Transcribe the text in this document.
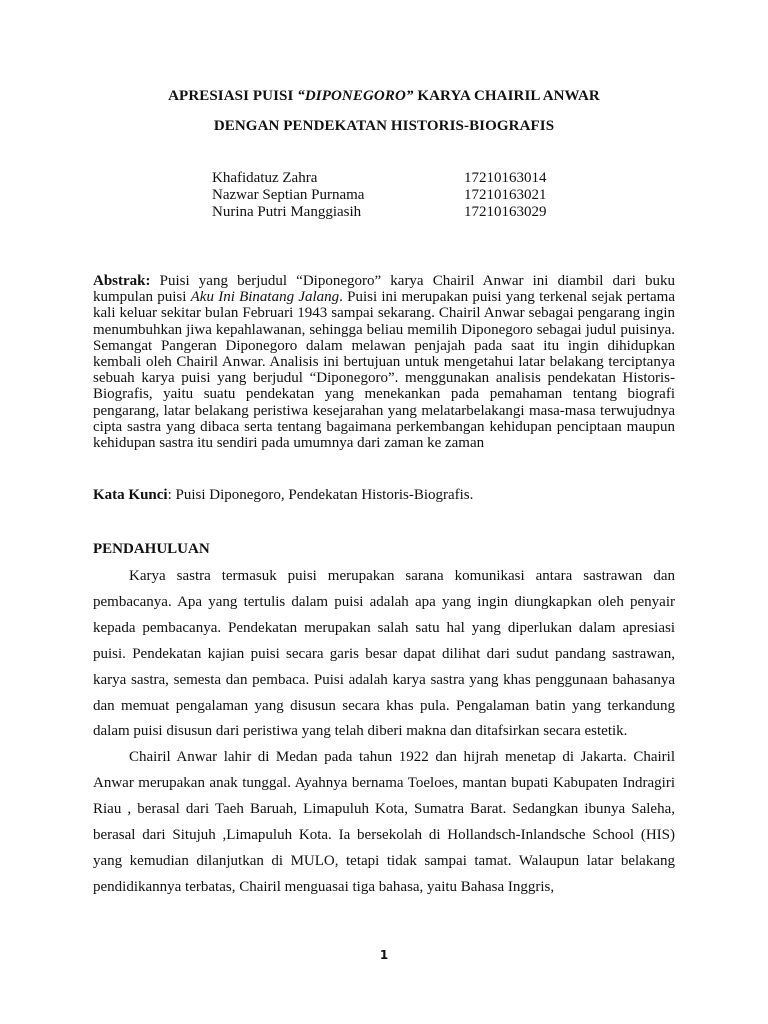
APRESIASI PUISI “DIPONEGORO” KARYA CHAIRIL ANWAR
DENGAN PENDEKATAN HISTORIS-BIOGRAFIS
Khafidatuz Zahra	17210163014
Nazwar Septian Purnama	17210163021
Nurina Putri Manggiasih	17210163029
Abstrak: Puisi yang berjudul “Diponegoro” karya Chairil Anwar ini diambil dari buku kumpulan puisi Aku Ini Binatang Jalang. Puisi ini merupakan puisi yang terkenal sejak pertama kali keluar sekitar bulan Februari 1943 sampai sekarang. Chairil Anwar sebagai pengarang ingin menumbuhkan jiwa kepahlawanan, sehingga beliau memilih Diponegoro sebagai judul puisinya. Semangat Pangeran Diponegoro dalam melawan penjajah pada saat itu ingin dihidupkan kembali oleh Chairil Anwar. Analisis ini bertujuan untuk mengetahui latar belakang terciptanya sebuah karya puisi yang berjudul “Diponegoro”. menggunakan analisis pendekatan Historis-Biografis, yaitu suatu pendekatan yang menekankan pada pemahaman tentang biografi pengarang, latar belakang peristiwa kesejarahan yang melatarbelakangi masa-masa terwujudnya cipta sastra yang dibaca serta tentang bagaimana perkembangan kehidupan penciptaan maupun kehidupan sastra itu sendiri pada umumnya dari zaman ke zaman
Kata Kunci: Puisi Diponegoro, Pendekatan Historis-Biografis.
PENDAHULUAN

Karya sastra termasuk puisi merupakan sarana komunikasi antara sastrawan dan pembacanya. Apa yang tertulis dalam puisi adalah apa yang ingin diungkapkan oleh penyair kepada pembacanya. Pendekatan merupakan salah satu hal yang diperlukan dalam apresiasi puisi. Pendekatan kajian puisi secara garis besar dapat dilihat dari sudut pandang sastrawan, karya sastra, semesta dan pembaca. Puisi adalah karya sastra yang khas penggunaan bahasanya dan memuat pengalaman yang disusun secara khas pula. Pengalaman batin yang terkandung dalam puisi disusun dari peristiwa yang telah diberi makna dan ditafsirkan secara estetik.

Chairil Anwar lahir di Medan pada tahun 1922 dan hijrah menetap di Jakarta. Chairil Anwar merupakan anak tunggal. Ayahnya bernama Toeloes, mantan bupati Kabupaten Indragiri Riau , berasal dari Taeh Baruah, Limapuluh Kota, Sumatra Barat. Sedangkan ibunya Saleha, berasal dari Situjuh ,Limapuluh Kota. Ia bersekolah di Hollandsch-Inlandsche School (HIS) yang kemudian dilanjutkan di MULO, tetapi tidak sampai tamat. Walaupun latar belakang pendidikannya terbatas, Chairil menguasai tiga bahasa, yaitu Bahasa Inggris,

1
